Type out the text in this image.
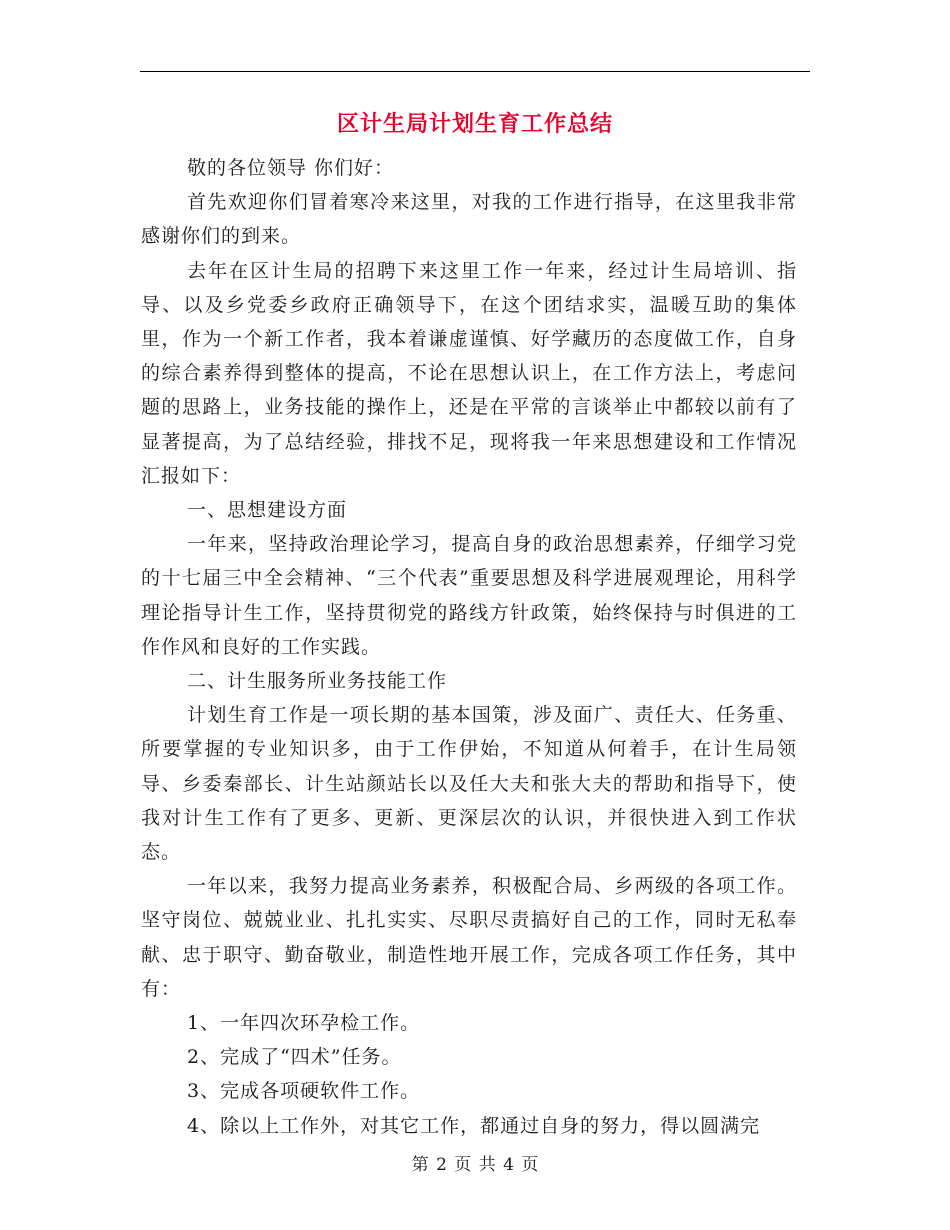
区计生局计划生育工作总结

敬的各位领导 你们好：

首先欢迎你们冒着寒冷来这里，对我的工作进行指导，在这里我非常感谢你们的到来。

去年在区计生局的招聘下来这里工作一年来，经过计生局培训、指导、以及乡党委乡政府正确领导下，在这个团结求实，温暖互助的集体里，作为一个新工作者，我本着谦虚谨慎、好学藏历的态度做工作，自身的综合素养得到整体的提高，不论在思想认识上，在工作方法上，考虑问题的思路上，业务技能的操作上，还是在平常的言谈举止中都较以前有了显著提高，为了总结经验，排找不足，现将我一年来思想建设和工作情况汇报如下：

一、思想建设方面

一年来，坚持政治理论学习，提高自身的政治思想素养，仔细学习党的十七届三中全会精神、“三个代表”重要思想及科学进展观理论，用科学理论指导计生工作，坚持贯彻党的路线方针政策，始终保持与时俱进的工作作风和良好的工作实践。

二、计生服务所业务技能工作

计划生育工作是一项长期的基本国策，涉及面广、责任大、任务重、所要掌握的专业知识多，由于工作伊始，不知道从何着手，在计生局领导、乡委秦部长、计生站颜站长以及任大夫和张大夫的帮助和指导下，使我对计生工作有了更多、更新、更深层次的认识，并很快进入到工作状态。

一年以来，我努力提高业务素养，积极配合局、乡两级的各项工作。坚守岗位、兢兢业业、扎扎实实、尽职尽责搞好自己的工作，同时无私奉献、忠于职守、勤奋敬业，制造性地开展工作，完成各项工作任务，其中有：

1、一年四次环孕检工作。

2、完成了“四术”任务。

3、完成各项硬软件工作。

4、除以上工作外，对其它工作，都通过自身的努力，得以圆满完

第 2 页 共 4 页
